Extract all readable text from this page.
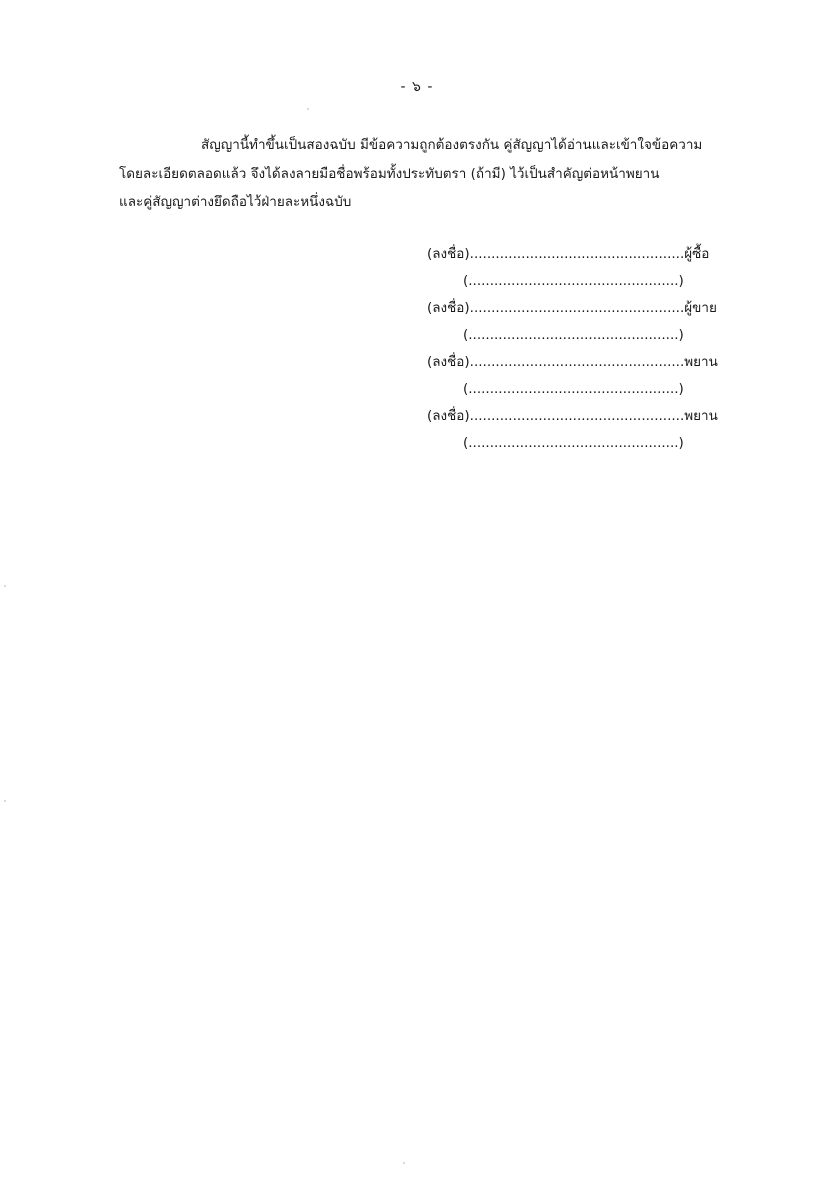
- ๖ -
สัญญานี้ทำขึ้นเป็นสองฉบับ มีข้อความถูกต้องตรงกัน คู่สัญญาได้อ่านและเข้าใจข้อความ
โดยละเอียดตลอดแล้ว จึงได้ลงลายมือชื่อพร้อมทั้งประทับตรา (ถ้ามี) ไว้เป็นสำคัญต่อหน้าพยาน
และคู่สัญญาต่างยึดถือไว้ฝ่ายละหนึ่งฉบับ
(ลงชื่อ)..................................................ผู้ซื้อ
(.................................................)
(ลงชื่อ)..................................................ผู้ขาย
(.................................................)
(ลงชื่อ)..................................................พยาน
(.................................................)
(ลงชื่อ)..................................................พยาน
(.................................................)
